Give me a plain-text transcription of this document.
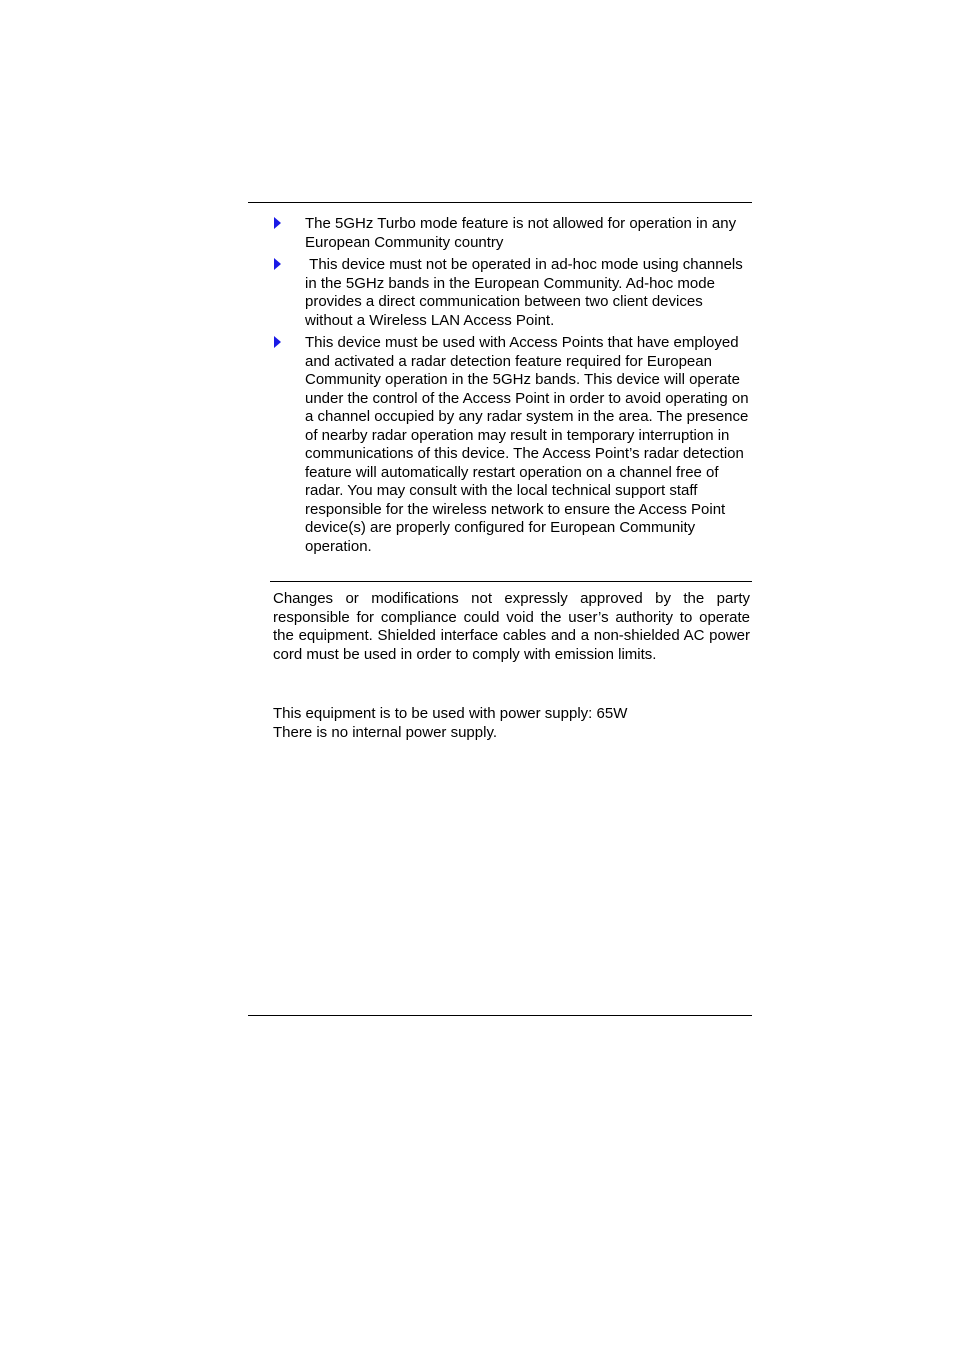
The 5GHz Turbo mode feature is not allowed for operation in any European Community country
This device must not be operated in ad-hoc mode using channels in the 5GHz bands in the European Community. Ad-hoc mode provides a direct communication between two client devices without a Wireless LAN Access Point.
This device must be used with Access Points that have employed and activated a radar detection feature required for European Community operation in the 5GHz bands. This device will operate under the control of the Access Point in order to avoid operating on a channel occupied by any radar system in the area. The presence of nearby radar operation may result in temporary interruption in communications of this device. The Access Point’s radar detection feature will automatically restart operation on a channel free of radar. You may consult with the local technical support staff responsible for the wireless network to ensure the Access Point device(s) are properly configured for European Community operation.

Changes or modifications not expressly approved by the party responsible for compliance could void the user’s authority to operate the equipment. Shielded interface cables and a non-shielded AC power cord must be used in order to comply with emission limits.

This equipment is to be used with power supply: 65W
There is no internal power supply.
